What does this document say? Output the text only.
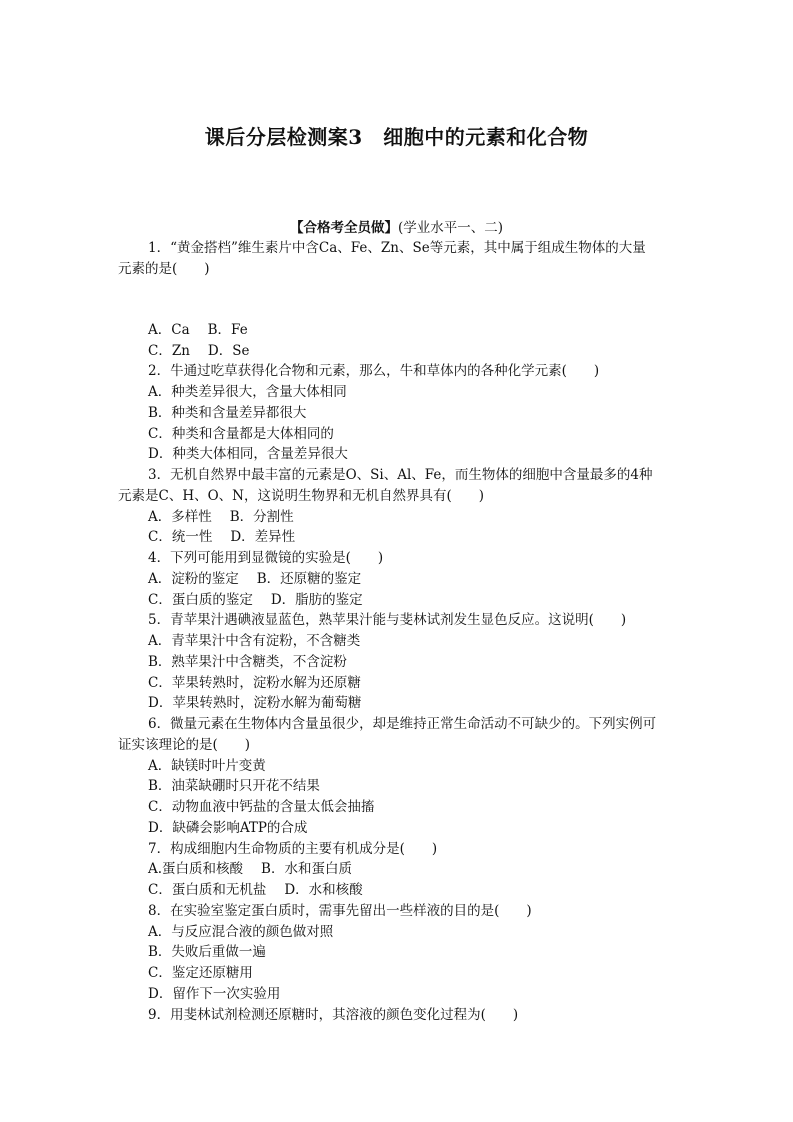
课后分层检测案3　细胞中的元素和化合物
【合格考全员做】(学业水平一、二)
1．“黄金搭档”维生素片中含Ca、Fe、Zn、Se等元素，其中属于组成生物体的大量
元素的是(　　)
A．Ca B．Fe
C．Zn D．Se
2．牛通过吃草获得化合物和元素，那么，牛和草体内的各种化学元素(　　)
A．种类差异很大，含量大体相同
B．种类和含量差异都很大
C．种类和含量都是大体相同的
D．种类大体相同，含量差异很大
3．无机自然界中最丰富的元素是O、Si、Al、Fe，而生物体的细胞中含量最多的4种
元素是C、H、O、N，这说明生物界和无机自然界具有(　　)
A．多样性 B．分割性
C．统一性 D．差异性
4．下列可能用到显微镜的实验是(　　)
A．淀粉的鉴定 B．还原糖的鉴定
C．蛋白质的鉴定 D．脂肪的鉴定
5．青苹果汁遇碘液显蓝色，熟苹果汁能与斐林试剂发生显色反应。这说明(　　)
A．青苹果汁中含有淀粉，不含糖类
B．熟苹果汁中含糖类，不含淀粉
C．苹果转熟时，淀粉水解为还原糖
D．苹果转熟时，淀粉水解为葡萄糖
6．微量元素在生物体内含量虽很少，却是维持正常生命活动不可缺少的。下列实例可
证实该理论的是(　　)
A．缺镁时叶片变黄
B．油菜缺硼时只开花不结果
C．动物血液中钙盐的含量太低会抽搐
D．缺磷会影响ATP的合成
7．构成细胞内生命物质的主要有机成分是(　　)
A.蛋白质和核酸 B．水和蛋白质
C．蛋白质和无机盐 D．水和核酸
8．在实验室鉴定蛋白质时，需事先留出一些样液的目的是(　　)
A．与反应混合液的颜色做对照
B．失败后重做一遍
C．鉴定还原糖用
D．留作下一次实验用
9．用斐林试剂检测还原糖时，其溶液的颜色变化过程为(　　)
